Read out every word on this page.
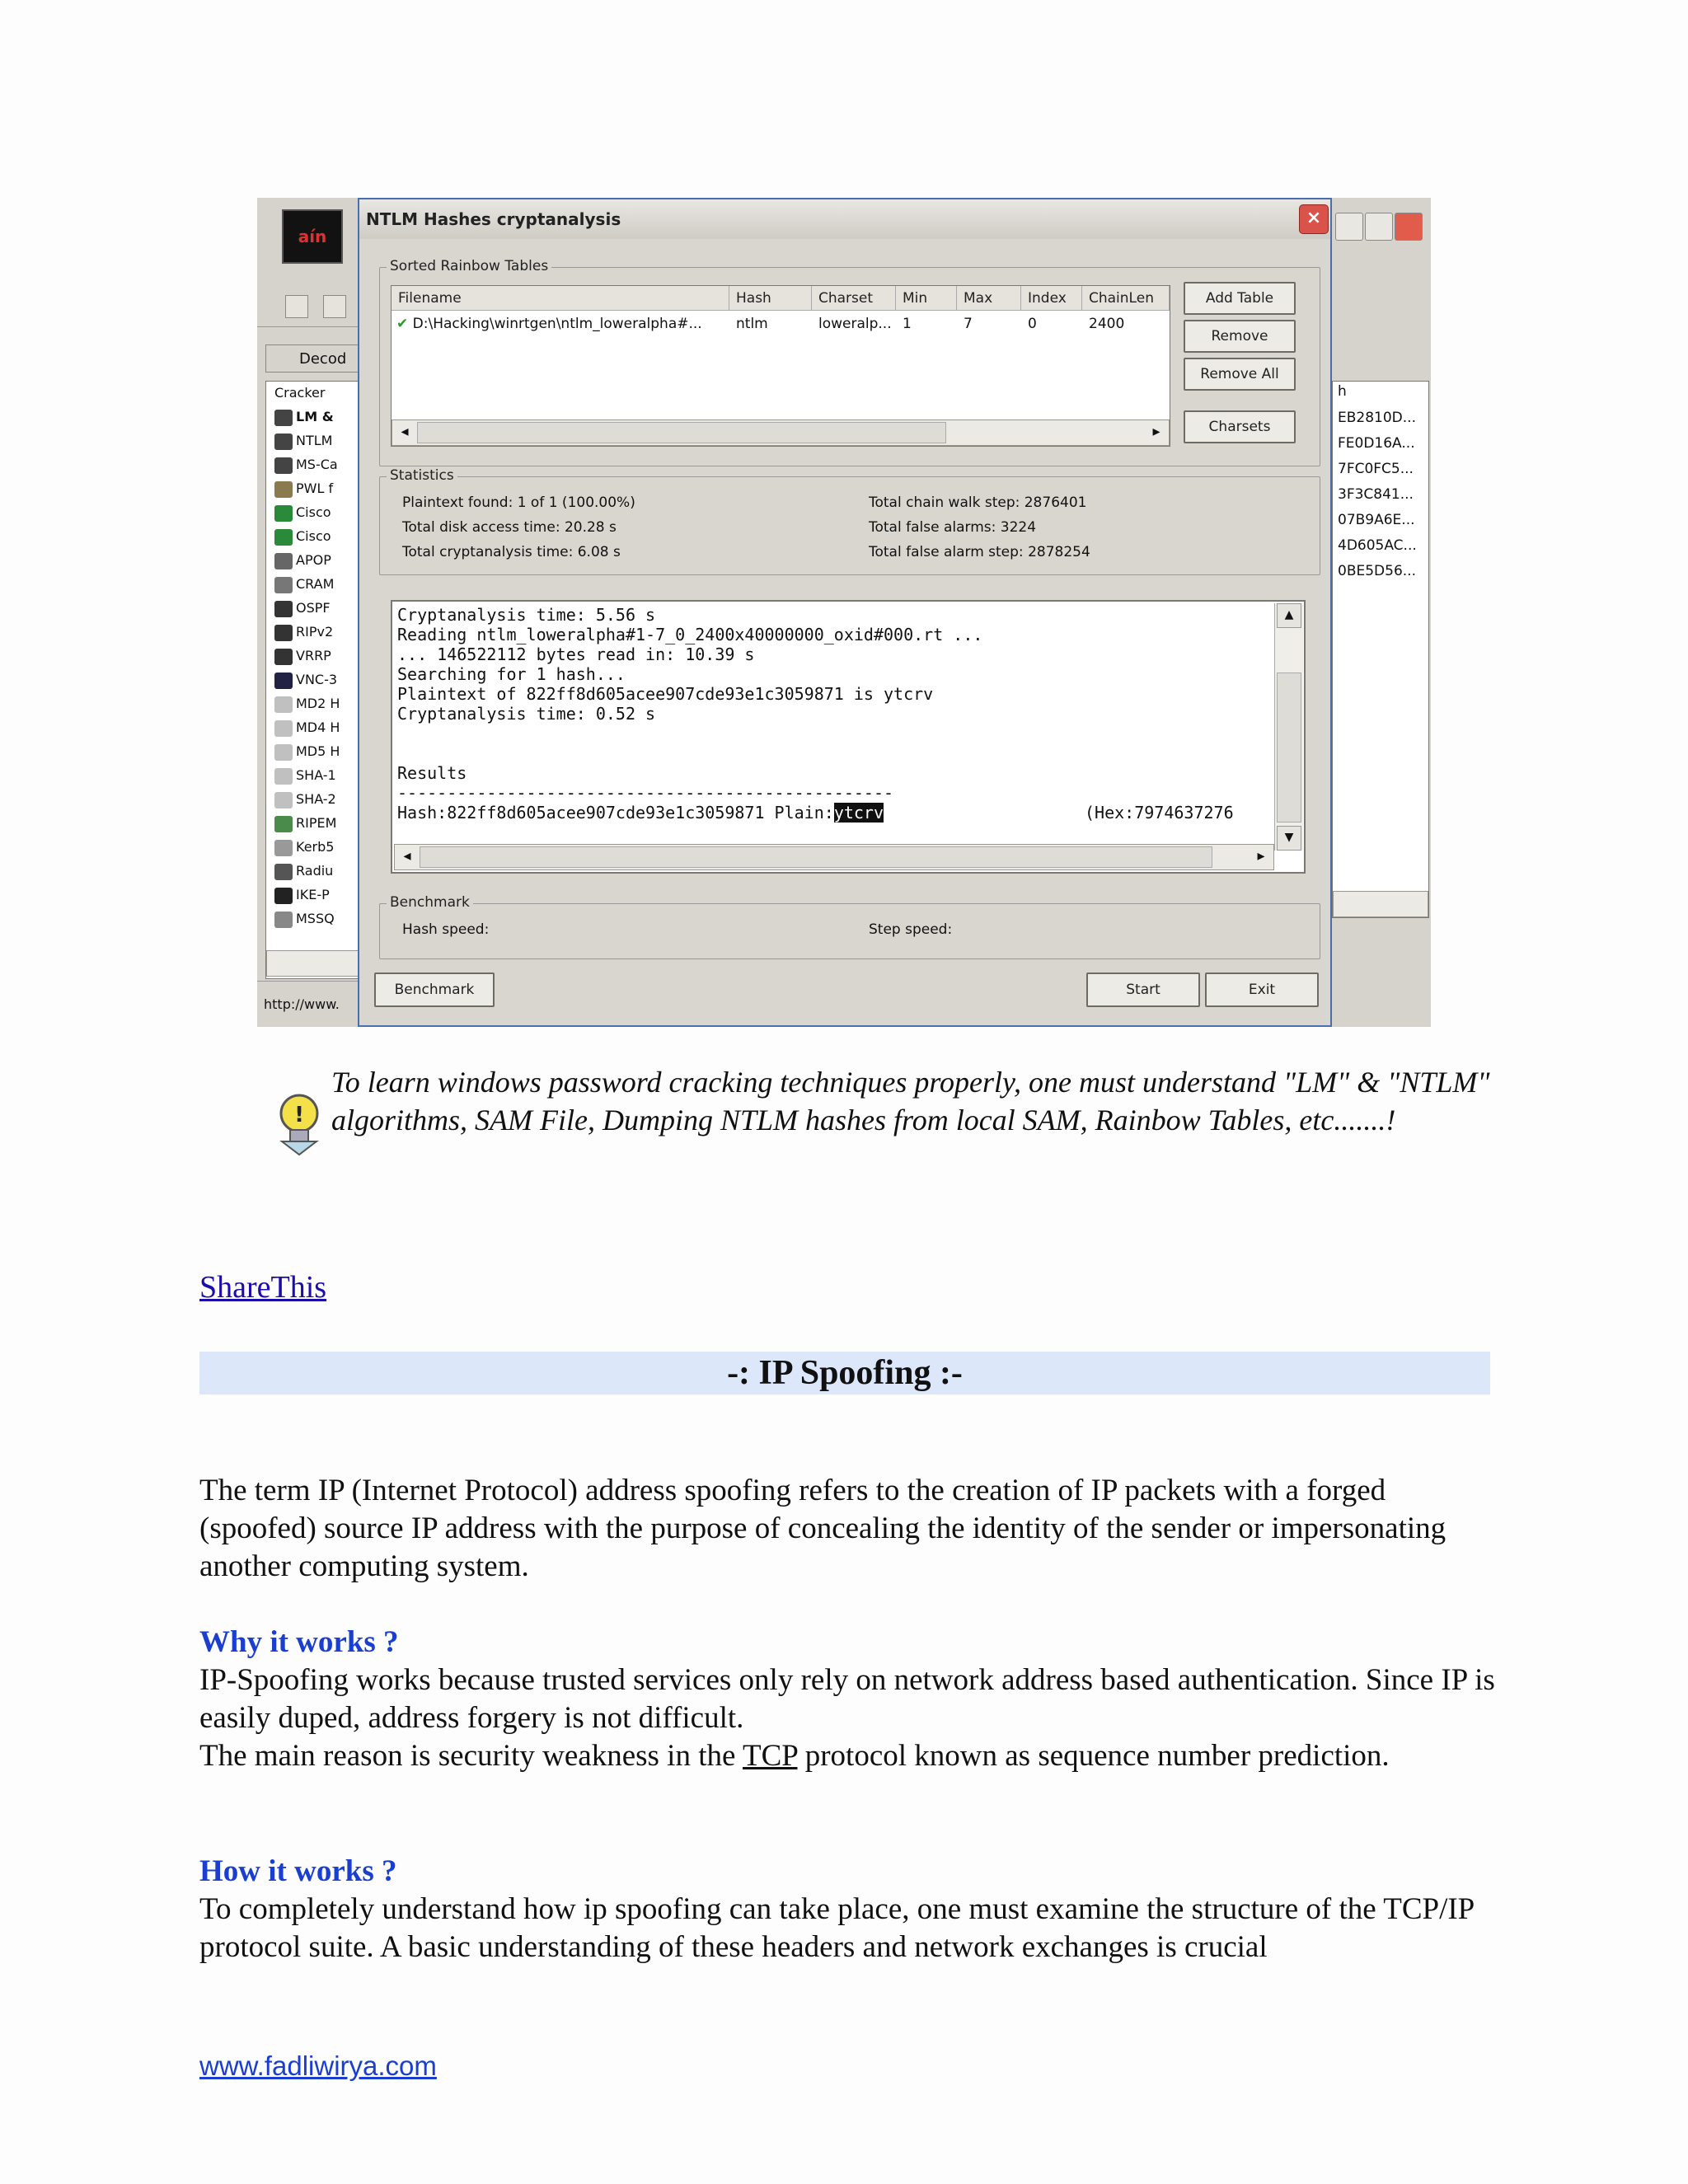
aín
Decod
Cracker
LM &
NTLM
MS-Ca
PWL f
Cisco
Cisco
APOP
CRAM
OSPF
RIPv2
VRRP
VNC-3
MD2 H
MD4 H
MD5 H
SHA-1
SHA-2
RIPEM
Kerb5
Radiu
IKE-P
MSSQ
http://www.
h
EB2810D...
FE0D16A...
7FC0FC5...
3F3C841...
07B9A6E...
4D605AC...
0BE5D56...
NTLM Hashes cryptanalysis	×
Sorted Rainbow Tables
Filename	Hash	Charset	Min	Max	Index	ChainLen
✔ D:\Hacking\winrtgen\ntlm_loweralpha#...	ntlm	loweralp... 1	7	0	2400
◂	▸
Add Table
Remove
Remove All
Charsets
Statistics
Plaintext found: 1 of 1 (100.00%)
Total disk access time: 20.28 s
Total cryptanalysis time: 6.08 s
Total chain walk step: 2876401
Total false alarms: 3224
Total false alarm step: 2878254
Cryptanalysis time: 5.56 s
Reading ntlm_loweralpha#1-7_0_2400x40000000_oxid#000.rt ...
... 146522112 bytes read in: 10.39 s
Searching for 1 hash...
Plaintext of 822ff8d605acee907cde93e1c3059871 is ytcrv
Cryptanalysis time: 0.52 s
Results
--------------------------------------------------
Hash:822ff8d605acee907cde93e1c3059871 Plain:ytcrv	(Hex:7974637276
▲
▼
◂	▸
Benchmark
Hash speed:	Step speed:
Benchmark	Start	Exit
!
To learn windows password cracking techniques properly, one must understand "LM" & "NTLM" algorithms, SAM File, Dumping NTLM hashes from local SAM, Rainbow Tables, etc.......!
ShareThis
-: IP Spoofing :-
The term IP (Internet Protocol) address spoofing refers to the creation of IP packets with a forged (spoofed) source IP address with the purpose of concealing the identity of the sender or impersonating another computing system.
Why it works ?
IP-Spoofing works because trusted services only rely on network address based authentication. Since IP is easily duped, address forgery is not difficult.
The main reason is security weakness in the TCP protocol known as sequence number prediction.
How it works ?
To completely understand how ip spoofing can take place, one must examine the structure of the TCP/IP protocol suite. A basic understanding of these headers and network exchanges is crucial
www.fadliwirya.com
